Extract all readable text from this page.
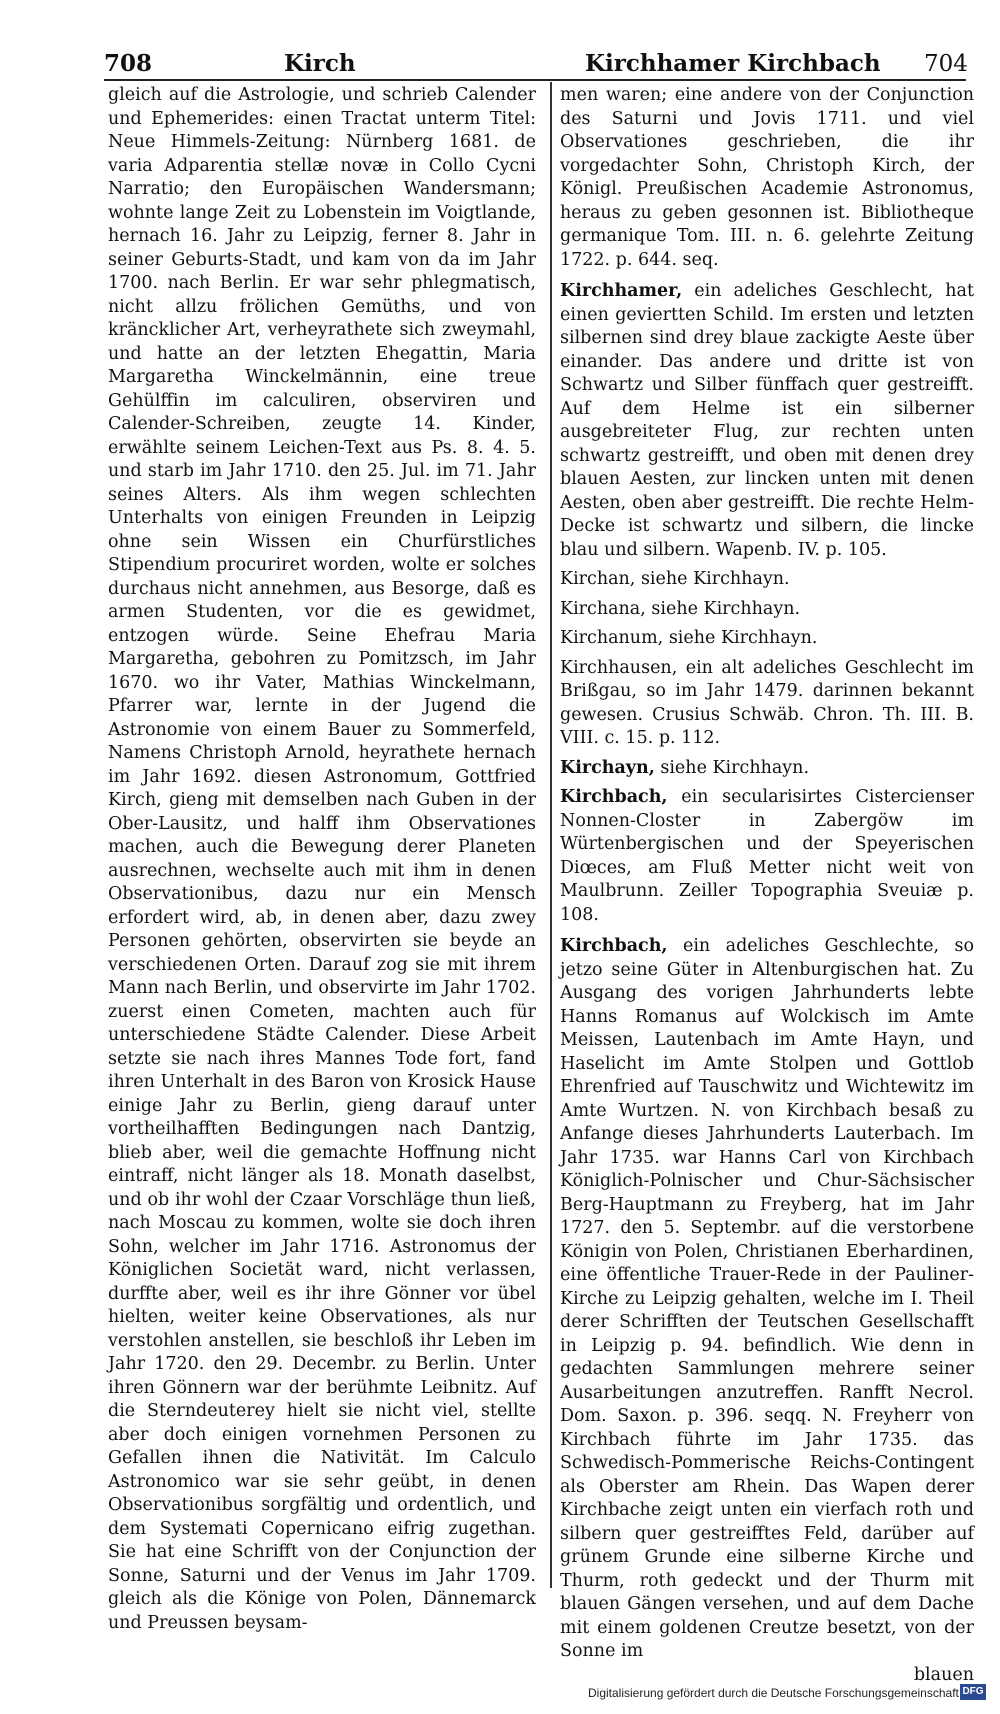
708	Kirch	Kirchhamer Kirchbach 704

gleich auf die Astrologie, und schrieb Calender und Ephemerides: einen Tractat unterm Titel: Neue Himmels-Zeitung: Nürnberg 1681. de varia Adparentia stellæ novæ in Collo Cycni Narratio; den Europäischen Wandersmann; wohnte lange Zeit zu Lobenstein im Voigtlande, hernach 16. Jahr zu Leipzig, ferner 8. Jahr in seiner Geburts-Stadt, und kam von da im Jahr 1700. nach Berlin. Er war sehr phlegmatisch, nicht allzu frölichen Gemüths, und von kräncklicher Art, verheyrathete sich zweymahl, und hatte an der letzten Ehegattin, Maria Margaretha Winckelmännin, eine treue Gehülffin im calculiren, observiren und Calender-Schreiben, zeugte 14. Kinder, erwählte seinem Leichen-Text aus Ps. 8. 4. 5. und starb im Jahr 1710. den 25. Jul. im 71. Jahr seines Alters. Als ihm wegen schlechten Unterhalts von einigen Freunden in Leipzig ohne sein Wissen ein Churfürstliches Stipendium procuriret worden, wolte er solches durchaus nicht annehmen, aus Besorge, daß es armen Studenten, vor die es gewidmet, entzogen würde. Seine Ehefrau Maria Margaretha, gebohren zu Pomitzsch, im Jahr 1670. wo ihr Vater, Mathias Winckelmann, Pfarrer war, lernte in der Jugend die Astronomie von einem Bauer zu Sommerfeld, Namens Christoph Arnold, heyrathete hernach im Jahr 1692. diesen Astronomum, Gottfried Kirch, gieng mit demselben nach Guben in der Ober-Lausitz, und halff ihm Observationes machen, auch die Bewegung derer Planeten ausrechnen, wechselte auch mit ihm in denen Observationibus, dazu nur ein Mensch erfordert wird, ab, in denen aber, dazu zwey Personen gehörten, observirten sie beyde an verschiedenen Orten. Darauf zog sie mit ihrem Mann nach Berlin, und observirte im Jahr 1702. zuerst einen Cometen, machten auch für unterschiedene Städte Calender. Diese Arbeit setzte sie nach ihres Mannes Tode fort, fand ihren Unterhalt in des Baron von Krosick Hause einige Jahr zu Berlin, gieng darauf unter vortheilhafften Bedingungen nach Dantzig, blieb aber, weil die gemachte Hoffnung nicht eintraff, nicht länger als 18. Monath daselbst, und ob ihr wohl der Czaar Vorschläge thun ließ, nach Moscau zu kommen, wolte sie doch ihren Sohn, welcher im Jahr 1716. Astronomus der Königlichen Societät ward, nicht verlassen, durffte aber, weil es ihr ihre Gönner vor übel hielten, weiter keine Observationes, als nur verstohlen anstellen, sie beschloß ihr Leben im Jahr 1720. den 29. Decembr. zu Berlin. Unter ihren Gönnern war der berühmte Leibnitz. Auf die Sterndeuterey hielt sie nicht viel, stellte aber doch einigen vornehmen Personen zu Gefallen ihnen die Nativität. Im Calculo Astronomico war sie sehr geübt, in denen Observationibus sorgfältig und ordentlich, und dem Systemati Copernicano eifrig zugethan. Sie hat eine Schrifft von der Conjunction der Sonne, Saturni und der Venus im Jahr 1709. gleich als die Könige von Polen, Dännemarck und Preussen beysam-

men waren; eine andere von der Conjunction des Saturni und Jovis 1711. und viel Observationes geschrieben, die ihr vorgedachter Sohn, Christoph Kirch, der Königl. Preußischen Academie Astronomus, heraus zu geben gesonnen ist. Bibliotheque germanique Tom. III. n. 6. gelehrte Zeitung 1722. p. 644. seq.

Kirchhamer, ein adeliches Geschlecht, hat einen geviertten Schild. Im ersten und letzten silbernen sind drey blaue zackigte Aeste über einander. Das andere und dritte ist von Schwartz und Silber fünffach quer gestreifft. Auf dem Helme ist ein silberner ausgebreiteter Flug, zur rechten unten schwartz gestreifft, und oben mit denen drey blauen Aesten, zur lincken unten mit denen Aesten, oben aber gestreifft. Die rechte Helm-Decke ist schwartz und silbern, die lincke blau und silbern. Wapenb. IV. p. 105.

Kirchan, siehe Kirchhayn.

Kirchana, siehe Kirchhayn.

Kirchanum, siehe Kirchhayn.

Kirchhausen, ein alt adeliches Geschlecht im Brißgau, so im Jahr 1479. darinnen bekannt gewesen. Crusius Schwäb. Chron. Th. III. B. VIII. c. 15. p. 112.

Kirchayn, siehe Kirchhayn.

Kirchbach, ein secularisirtes Cistercienser Nonnen-Closter in Zabergöw im Würtenbergischen und der Speyerischen Diœces, am Fluß Metter nicht weit von Maulbrunn. Zeiller Topographia Sveuiæ p. 108.

Kirchbach, ein adeliches Geschlechte, so jetzo seine Güter in Altenburgischen hat. Zu Ausgang des vorigen Jahrhunderts lebte Hanns Romanus auf Wolckisch im Amte Meissen, Lautenbach im Amte Hayn, und Haselicht im Amte Stolpen und Gottlob Ehrenfried auf Tauschwitz und Wichtewitz im Amte Wurtzen. N. von Kirchbach besaß zu Anfange dieses Jahrhunderts Lauterbach. Im Jahr 1735. war Hanns Carl von Kirchbach Königlich-Polnischer und Chur-Sächsischer Berg-Hauptmann zu Freyberg, hat im Jahr 1727. den 5. Septembr. auf die verstorbene Königin von Polen, Christianen Eberhardinen, eine öffentliche Trauer-Rede in der Pauliner-Kirche zu Leipzig gehalten, welche im I. Theil derer Schrifften der Teutschen Gesellschafft in Leipzig p. 94. befindlich. Wie denn in gedachten Sammlungen mehrere seiner Ausarbeitungen anzutreffen. Ranfft Necrol. Dom. Saxon. p. 396. seqq. N. Freyherr von Kirchbach führte im Jahr 1735. das Schwedisch-Pommerische Reichs-Contingent als Oberster am Rhein. Das Wapen derer Kirchbache zeigt unten ein vierfach roth und silbern quer gestreifftes Feld, darüber auf grünem Grunde eine silberne Kirche und Thurm, roth gedeckt und der Thurm mit blauen Gängen versehen, und auf dem Dache mit einem goldenen Creutze besetzt, von der Sonne im

blauen

Digitalisierung gefördert durch die Deutsche Forschungsgemeinschaft DFG
